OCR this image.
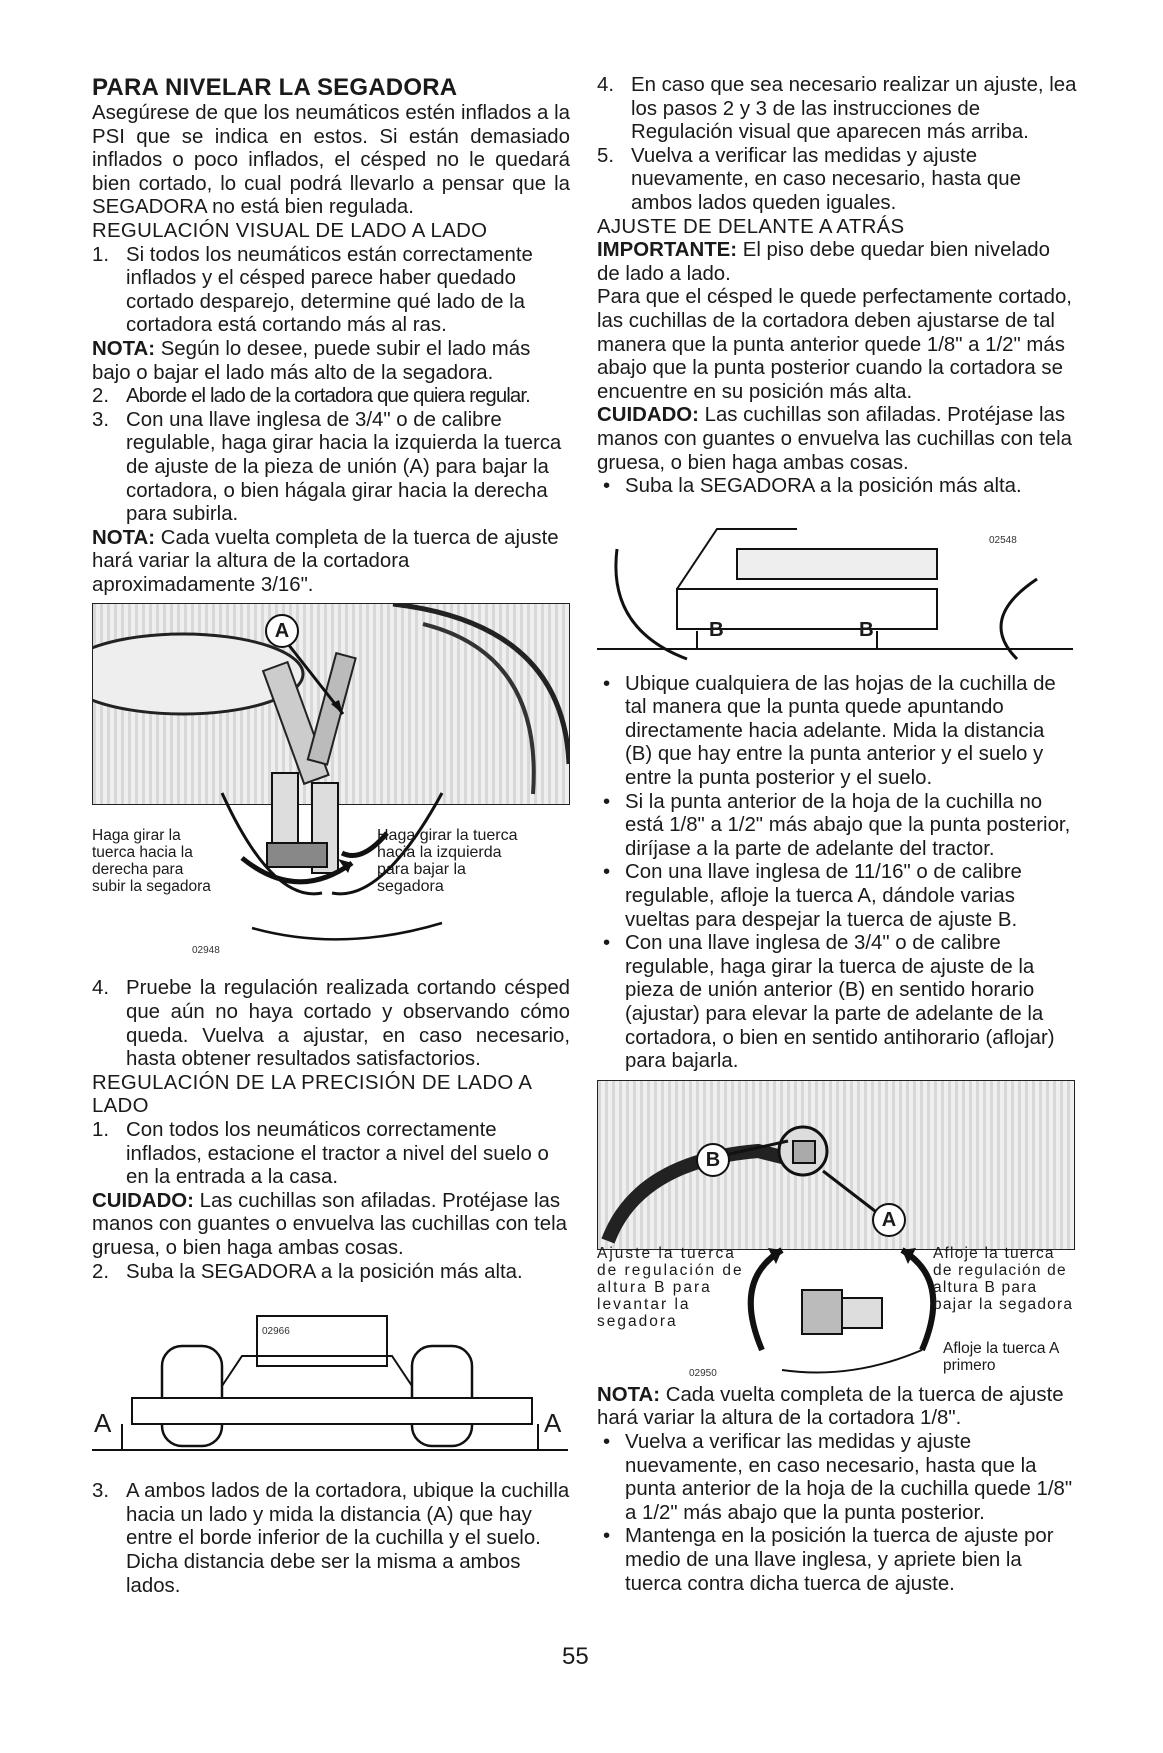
PARA NIVELAR LA SEGADORA

Asegúrese de que los neumáticos estén inflados a la PSI que se indica en estos. Si están demasiado inflados o poco inflados, el césped no le quedará bien cortado, lo cual podrá llevarlo a pensar que la SEGADORA no está bien regulada.

REGULACIÓN VISUAL DE LADO A LADO

1. Si todos los neumáticos están correctamente inflados y el césped parece haber quedado cortado desparejo, determine qué lado de la cortadora está cortando más al ras.

NOTA: Según lo desee, puede subir el lado más bajo o bajar el lado más alto de la segadora.

2. Aborde el lado de la cortadora que quiera regular.
3. Con una llave inglesa de 3/4" o de calibre regulable, haga girar hacia la izquierda la tuerca de ajuste de la pieza de unión (A) para bajar la cortadora, o bien hágala girar hacia la derecha para subirla.

NOTA: Cada vuelta completa de la tuerca de ajuste hará variar la altura de la cortadora aproximadamente 3/16".

A
Haga girar la tuerca hacia la derecha para subir la segadora
Haga girar la tuerca hacia la izquierda para bajar la segadora
02948
4. Pruebe la regulación realizada cortando césped que aún no haya cortado y observando cómo queda. Vuelva a ajustar, en caso necesario, hasta obtener resultados satisfactorios.

REGULACIÓN DE LA PRECISIÓN DE LADO A LADO

1. Con todos los neumáticos correctamente inflados, estacione el tractor a nivel del suelo o en la entrada a la casa.

CUIDADO: Las cuchillas son afiladas. Protéjase las manos con guantes o envuelva las cuchillas con tela gruesa, o bien haga ambas cosas.

2. Suba la SEGADORA a la posición más alta.
02966
A	A
3. A ambos lados de la cortadora, ubique la cuchilla hacia un lado y mida la distancia (A) que hay entre el borde inferior de la cuchilla y el suelo. Dicha distancia debe ser la misma a ambos lados.
4. En caso que sea necesario realizar un ajuste, lea los pasos 2 y 3 de las instrucciones de Regulación visual que aparecen más arriba.
5. Vuelva a verificar las medidas y ajuste nuevamente, en caso necesario, hasta que ambos lados queden iguales.

AJUSTE DE DELANTE A ATRÁS

IMPORTANTE: El piso debe quedar bien nivelado de lado a lado.

Para que el césped le quede perfectamente cortado, las cuchillas de la cortadora deben ajustarse de tal manera que la punta anterior quede 1/8" a 1/2" más abajo que la punta posterior cuando la cortadora se encuentre en su posición más alta.

CUIDADO: Las cuchillas son afiladas. Protéjase las manos con guantes o envuelva las cuchillas con tela gruesa, o bien haga ambas cosas.

• Suba la SEGADORA a la posición más alta.
02548
B	B
• Ubique cualquiera de las hojas de la cuchilla de tal manera que la punta quede apuntando directamente hacia adelante. Mida la distancia (B) que hay entre la punta anterior y el suelo y entre la punta posterior y el suelo.
• Si la punta anterior de la hoja de la cuchilla no está 1/8" a 1/2" más abajo que la punta posterior, diríjase a la parte de adelante del tractor.
• Con una llave inglesa de 11/16" o de calibre regulable, afloje la tuerca A, dándole varias vueltas para despejar la tuerca de ajuste B.
• Con una llave inglesa de 3/4" o de calibre regulable, haga girar la tuerca de ajuste de la pieza de unión anterior (B) en sentido horario (ajustar) para elevar la parte de adelante de la cortadora, o bien en sentido antihorario (aflojar) para bajarla.
B
A
Ajuste la tuerca de regulación de altura B para levantar la segadora
Afloje la tuerca de regulación de altura B para bajar la segadora
Afloje la tuerca A primero
02950

NOTA: Cada vuelta completa de la tuerca de ajuste hará variar la altura de la cortadora 1/8".

• Vuelva a verificar las medidas y ajuste nuevamente, en caso necesario, hasta que la punta anterior de la hoja de la cuchilla quede 1/8" a 1/2" más abajo que la punta posterior.
• Mantenga en la posición la tuerca de ajuste por medio de una llave inglesa, y apriete bien la tuerca contra dicha tuerca de ajuste.
55
